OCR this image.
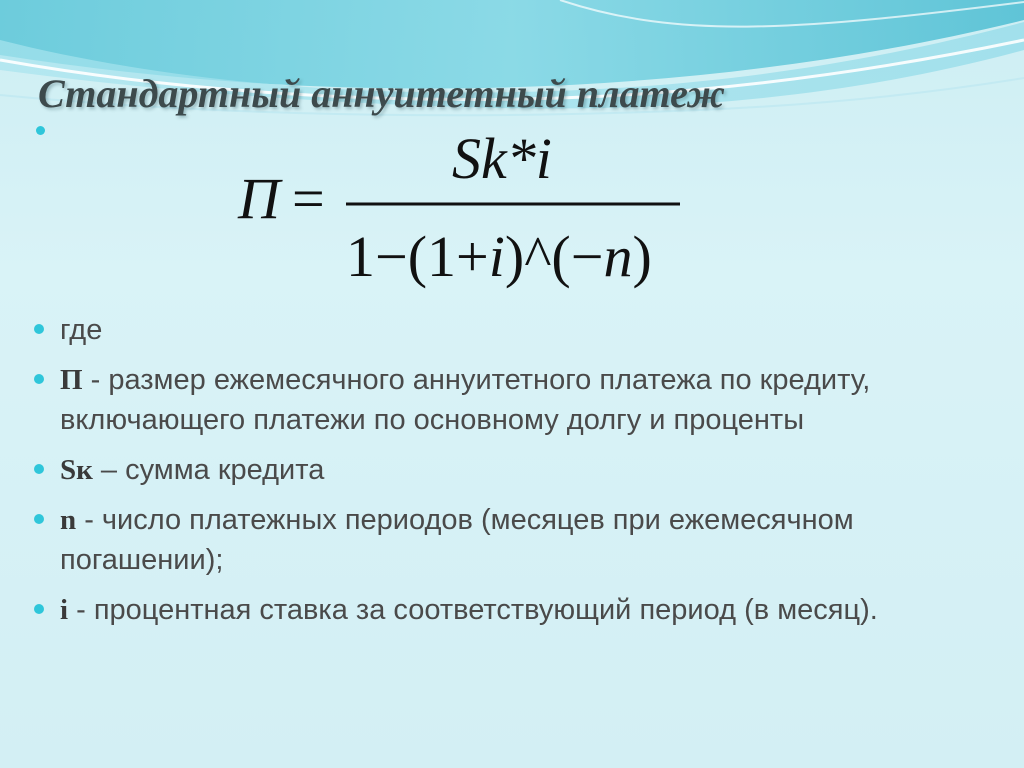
Стандартный аннуитетный платеж
П =
Sk*i
1−(1+i)^(−n)
где
П - размер ежемесячного аннуитетного платежа по кредиту, включающего платежи по основному долгу и проценты
Sк – сумма кредита
n - число платежных периодов (месяцев при ежемесячном погашении);
i - процентная ставка за соответствующий период (в месяц).
